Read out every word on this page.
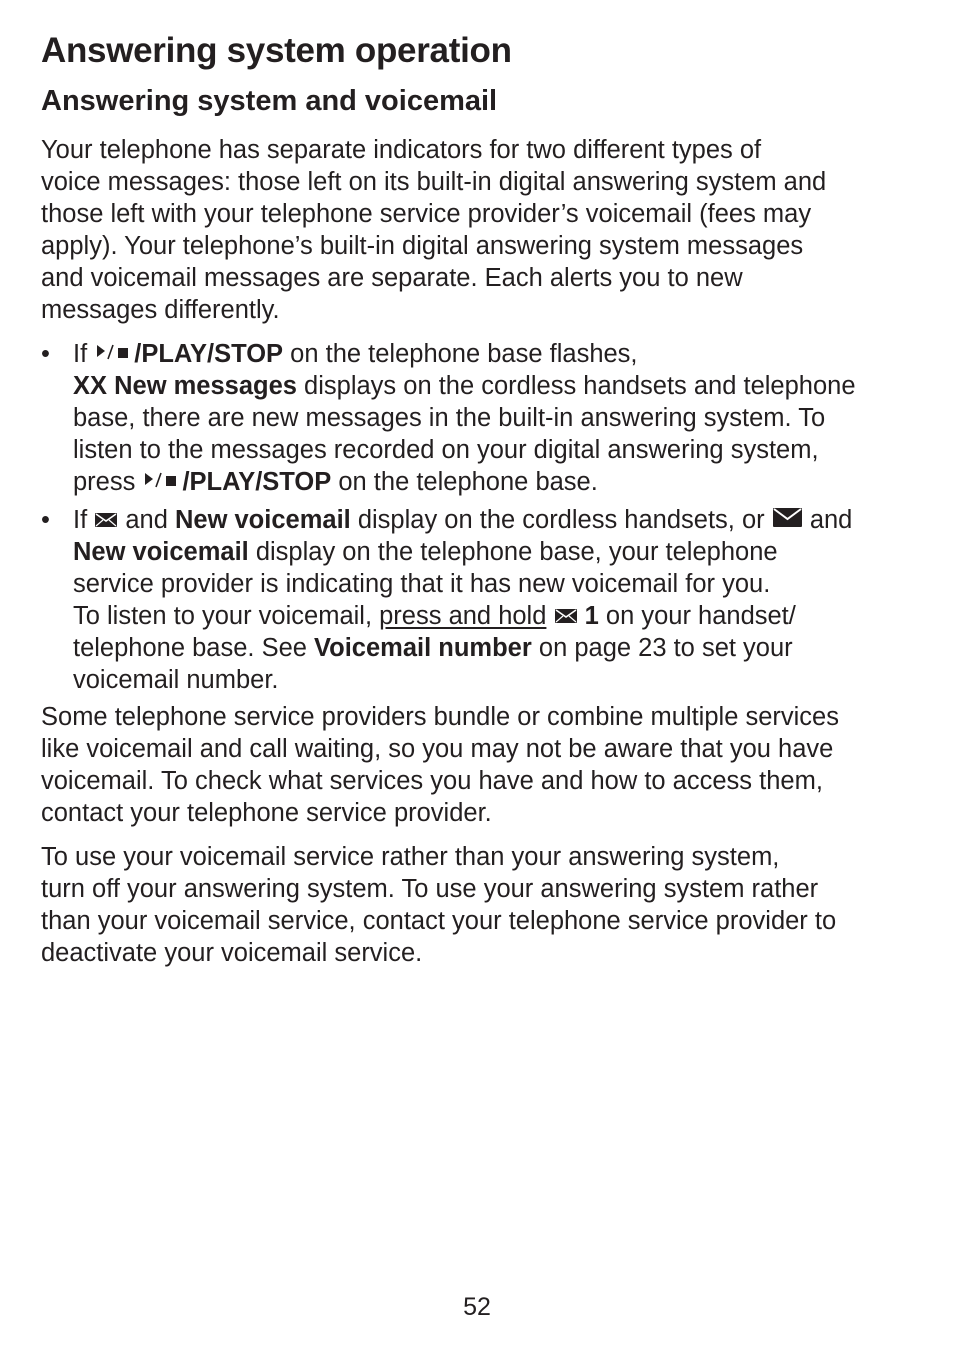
Answering system operation
Answering system and voicemail

Your telephone has separate indicators for two different types of
voice messages: those left on its built-in digital answering system and
those left with your telephone service provider’s voicemail (fees may
apply). Your telephone’s built-in digital answering system messages
and voicemail messages are separate. Each alerts you to new
messages differently.

• If
/PLAY/STOP on the telephone base flashes,
XX New messages displays on the cordless handsets and telephone
base, there are new messages in the built-in answering system. To
listen to the messages recorded on your digital answering system,
press
/PLAY/STOP on the telephone base.
• If
and New voicemail display on the cordless handsets, or
and
New voicemail display on the telephone base, your telephone
service provider is indicating that it has new voicemail for you.
To listen to your voicemail, press and hold 1 on your handset/
telephone base. See Voicemail number on page 23 to set your
voicemail number.

Some telephone service providers bundle or combine multiple services
like voicemail and call waiting, so you may not be aware that you have
voicemail. To check what services you have and how to access them,
contact your telephone service provider.

To use your voicemail service rather than your answering system,
turn off your answering system. To use your answering system rather
than your voicemail service, contact your telephone service provider to
deactivate your voicemail service.

52
